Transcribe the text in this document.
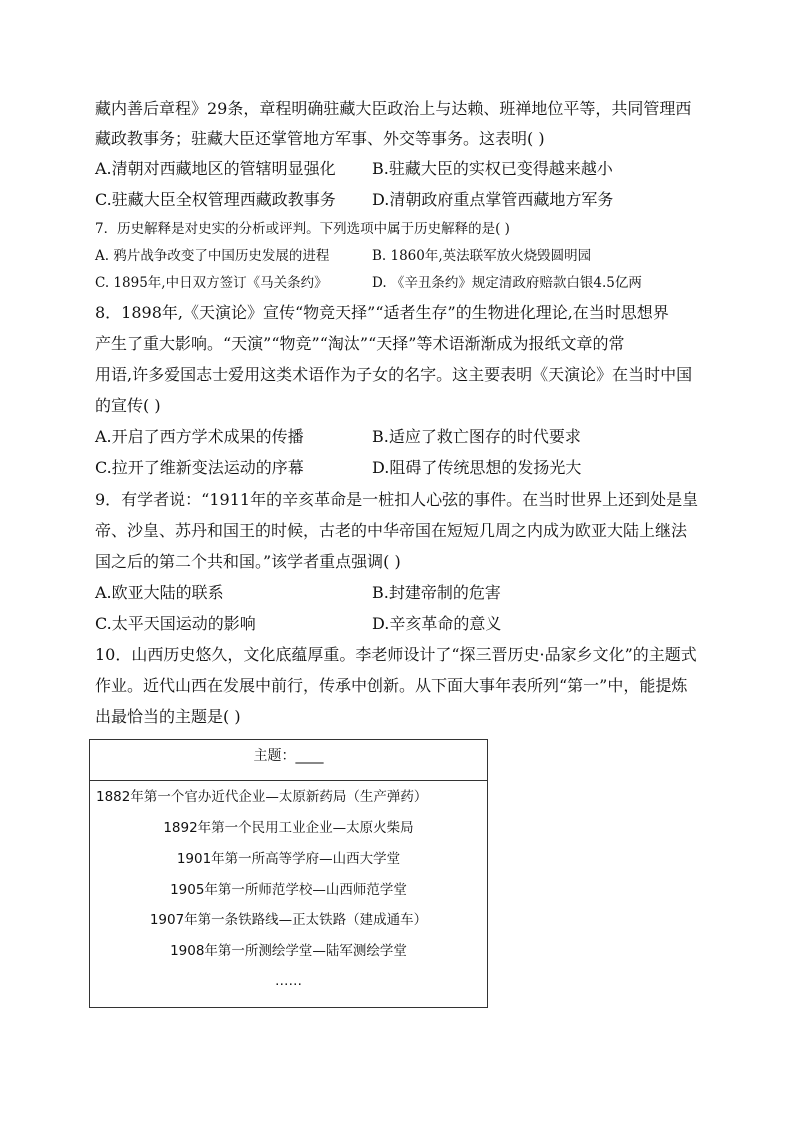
藏内善后章程》29条，章程明确驻藏大臣政治上与达赖、班禅地位平等，共同管理西
藏政教事务；驻藏大臣还掌管地方军事、外交等事务。这表明( )
A.清朝对西藏地区的管辖明显强化 B.驻藏大臣的实权已变得越来越小
C.驻藏大臣全权管理西藏政教事务 D.清朝政府重点掌管西藏地方军务
7．历史解释是对史实的分析或评判。下列选项中属于历史解释的是( )
A. 鸦片战争改变了中国历史发展的进程	B. 1860年,英法联军放火烧毁圆明园
C. 1895年,中日双方签订《马关条约》	D. 《辛丑条约》规定清政府赔款白银4.5亿两
8．1898年,《天演论》宣传“物竞天择”“适者生存”的生物进化理论,在当时思想界
产生了重大影响。“天演”“物竞”“淘汰”“天择”等术语渐渐成为报纸文章的常
用语,许多爱国志士爱用这类术语作为子女的名字。这主要表明《天演论》在当时中国
的宣传( )
A.开启了西方学术成果的传播	B.适应了救亡图存的时代要求
C.拉开了维新变法运动的序幕	D.阻碍了传统思想的发扬光大
9．有学者说：“1911年的辛亥革命是一桩扣人心弦的事件。在当时世界上还到处是皇
帝、沙皇、苏丹和国王的时候，古老的中华帝国在短短几周之内成为欧亚大陆上继法
国之后的第二个共和国。”该学者重点强调( )
A.欧亚大陆的联系	B.封建帝制的危害
C.太平天国运动的影响	D.辛亥革命的意义
10．山西历史悠久，文化底蕴厚重。李老师设计了“探三晋历史·品家乡文化”的主题式
作业。近代山西在发展中前行，传承中创新。从下面大事年表所列“第一”中，能提炼
出最恰当的主题是( )
主题：____
1882年第一个官办近代企业—太原新药局（生产弹药）
1892年第一个民用工业企业—太原火柴局
1901年第一所高等学府—山西大学堂
1905年第一所师范学校—山西师范学堂
1907年第一条铁路线—正太铁路（建成通车）
1908年第一所测绘学堂—陆军测绘学堂
……
